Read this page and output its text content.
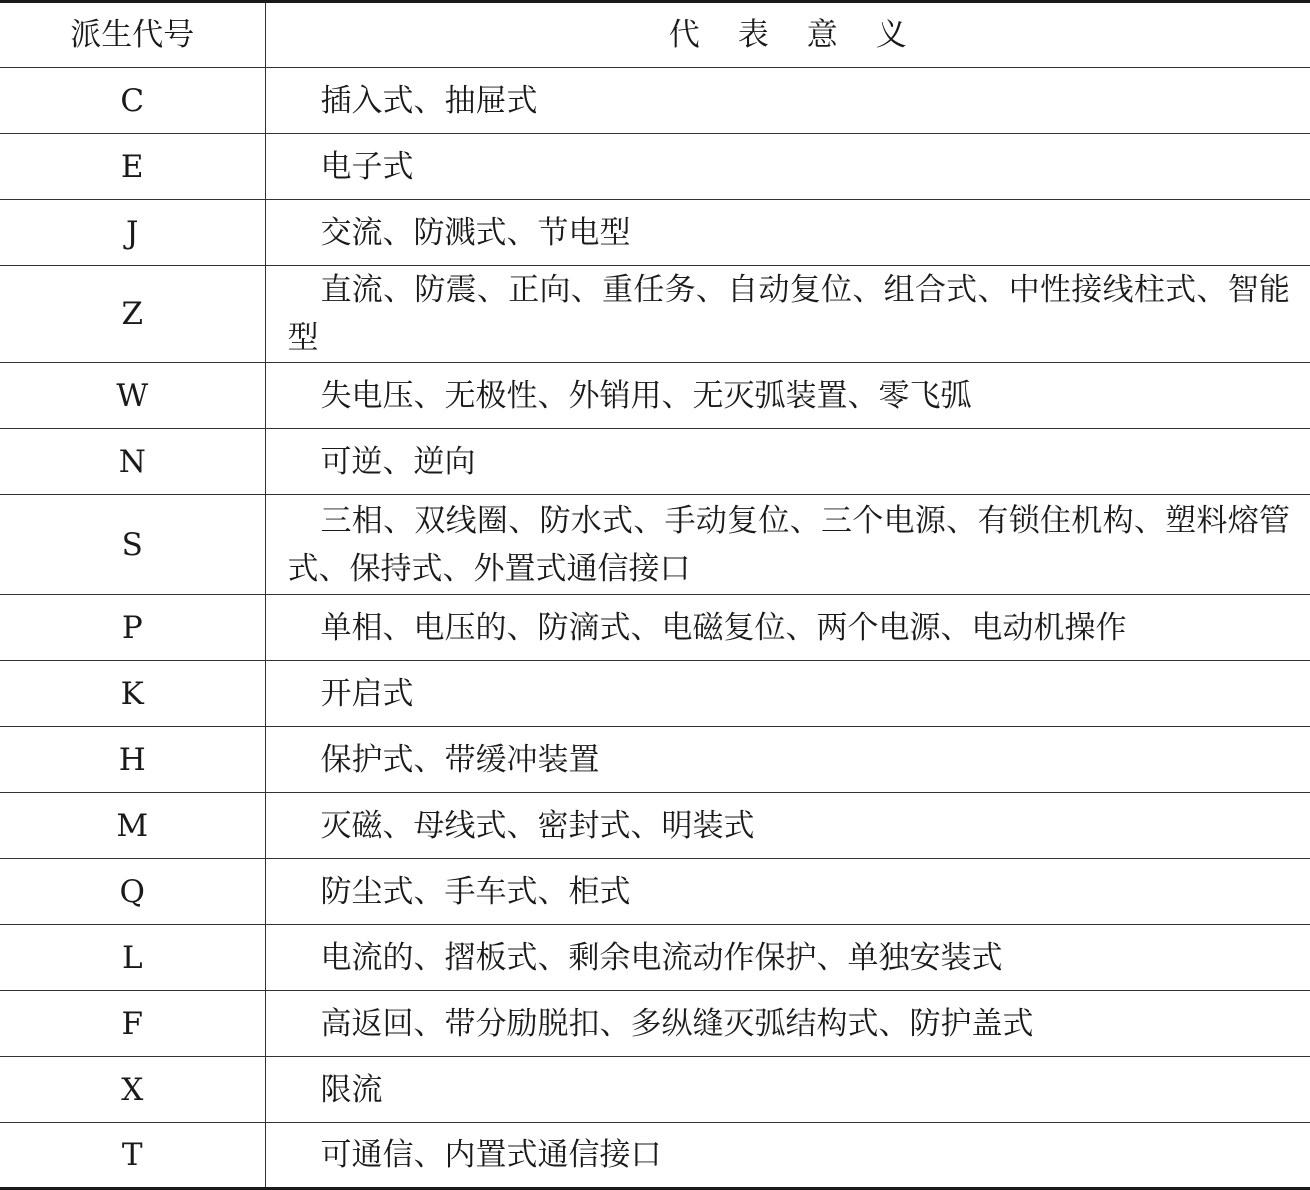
派生代号	代表意义
C	插入式、抽屉式
E	电子式
J	交流、防溅式、节电型
Z	直流、防震、正向、重任务、自动复位、组合式、中性接线柱式、智能型
W	失电压、无极性、外销用、无灭弧装置、零飞弧
N	可逆、逆向
S	三相、双线圈、防水式、手动复位、三个电源、有锁住机构、塑料熔管式、保持式、外置式通信接口
P	单相、电压的、防滴式、电磁复位、两个电源、电动机操作
K	开启式
H	保护式、带缓冲装置
M	灭磁、母线式、密封式、明装式
Q	防尘式、手车式、柜式
L	电流的、摺板式、剩余电流动作保护、单独安装式
F	高返回、带分励脱扣、多纵缝灭弧结构式、防护盖式
X	限流
T	可通信、内置式通信接口
